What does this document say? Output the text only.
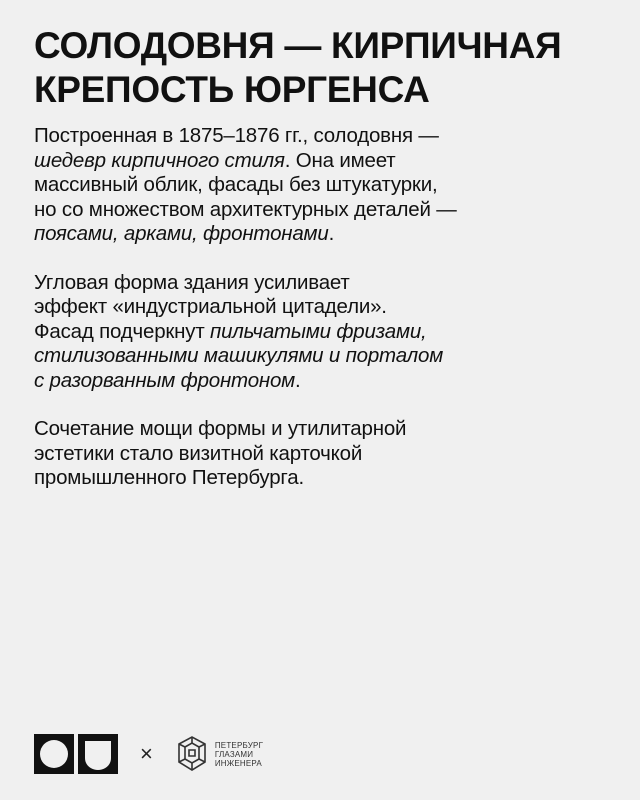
СОЛОДОВНЯ — КИРПИЧНАЯ
КРЕПОСТЬ ЮРГЕНСА

Построенная в 1875–1876 гг., солодовня —
шедевр кирпичного стиля. Она имеет
массивный облик, фасады без штукатурки,
но со множеством архитектурных деталей —
поясами, арками, фронтонами.

Угловая форма здания усиливает
эффект «индустриальной цитадели».
Фасад подчеркнут пильчатыми фризами,
стилизованными машикулями и порталом
с разорванным фронтоном.

Сочетание мощи формы и утилитарной
эстетики стало визитной карточкой
промышленного Петербурга.

×	ПЕТЕРБУРГ
ГЛАЗАМИ
ИНЖЕНЕРА
